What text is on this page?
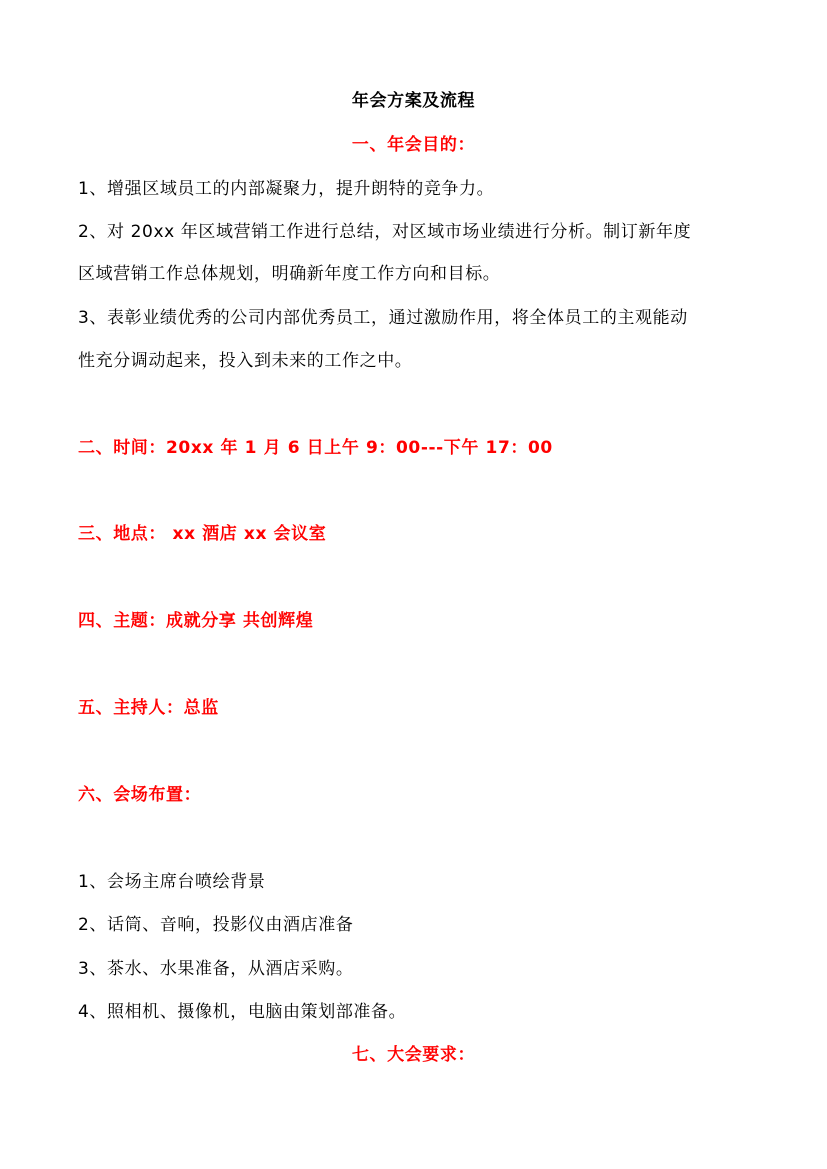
年会方案及流程
一、年会目的：
1、增强区域员工的内部凝聚力，提升朗特的竞争力。
2、对 20xx 年区域营销工作进行总结，对区域市场业绩进行分析。制订新年度
区域营销工作总体规划，明确新年度工作方向和目标。
3、表彰业绩优秀的公司内部优秀员工，通过激励作用，将全体员工的主观能动
性充分调动起来，投入到未来的工作之中。
二、时间：20xx 年 1 月 6 日上午 9：00---下午 17：00
三、地点： xx 酒店 xx 会议室
四、主题：成就分享 共创辉煌
五、主持人：总监
六、会场布置：
1、会场主席台喷绘背景
2、话筒、音响，投影仪由酒店准备
3、茶水、水果准备，从酒店采购。
4、照相机、摄像机，电脑由策划部准备。
七、大会要求：
